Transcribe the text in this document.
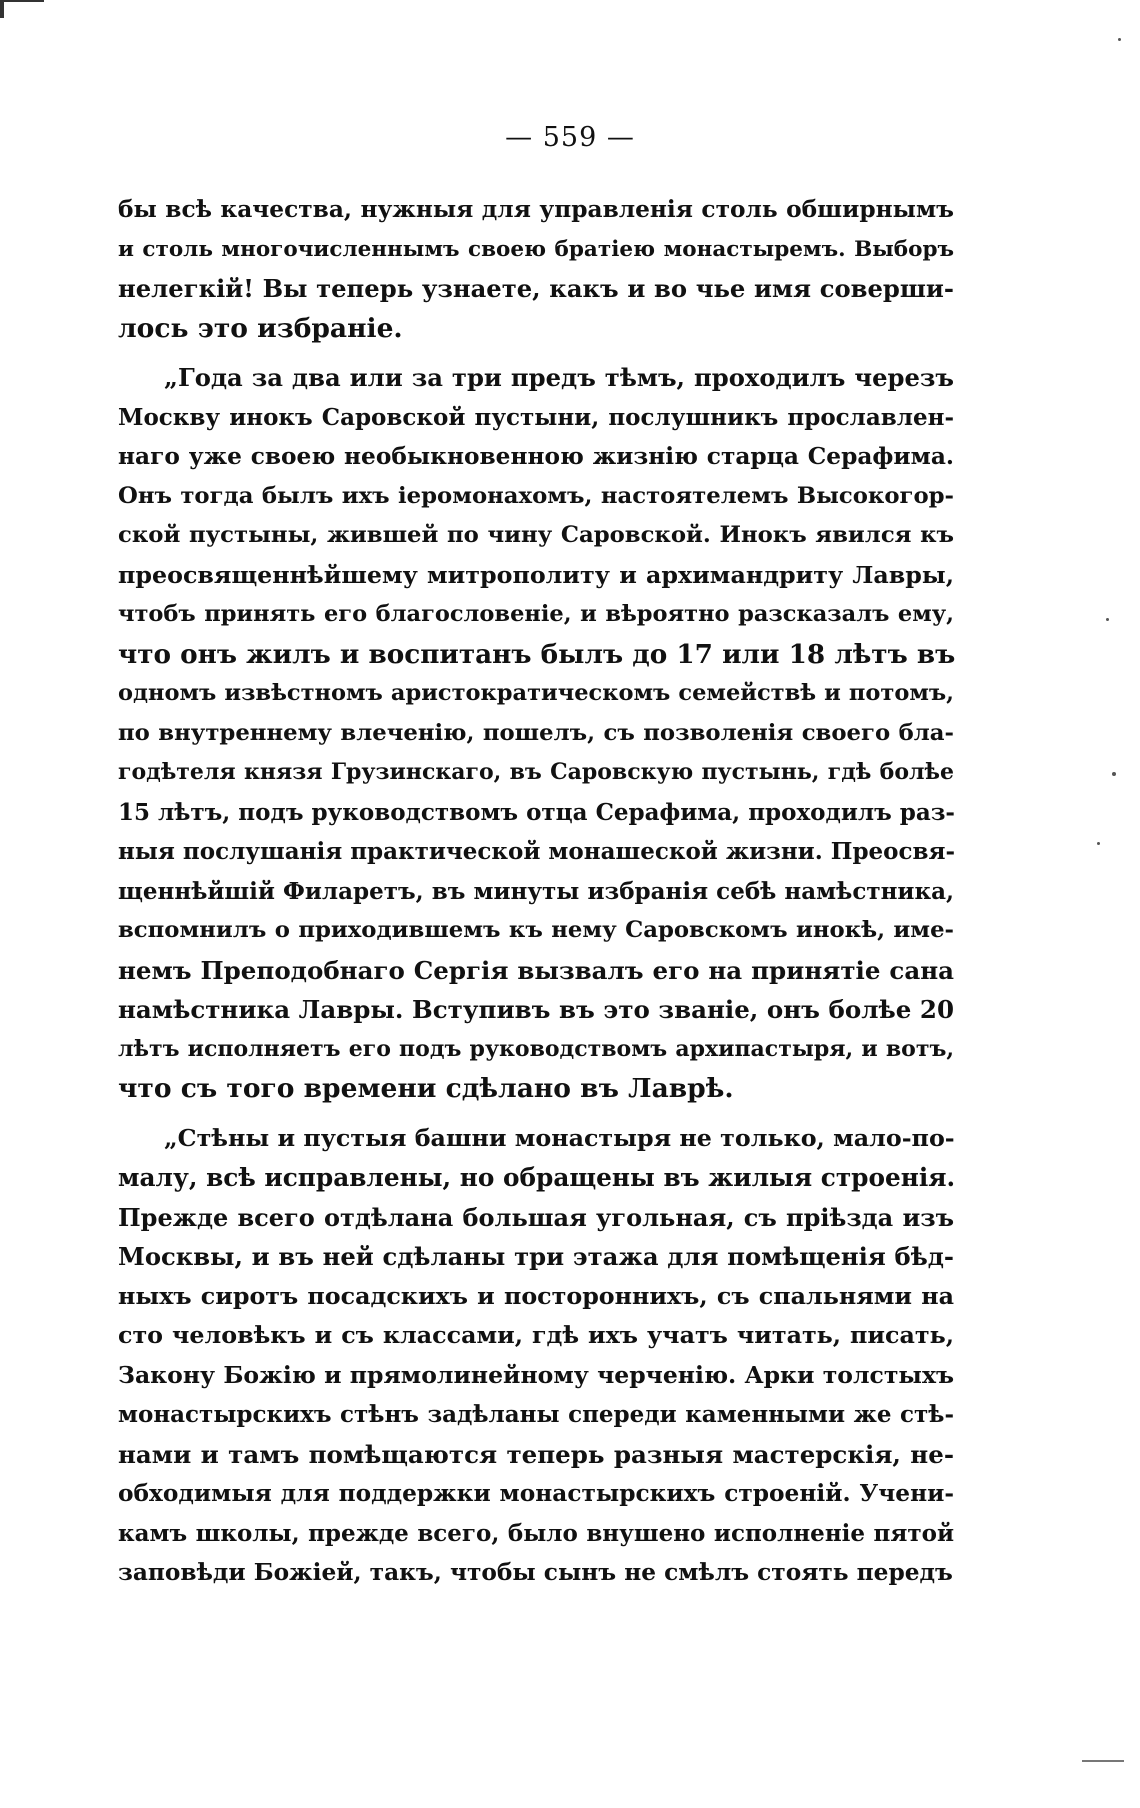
— 559 —
бы всѣ качества, нужныя для управленія столь обширнымъ
и столь многочисленнымъ своею братіею монастыремъ. Выборъ
нелегкій! Вы теперь узнаете, какъ и во чье имя соверши-
лось это избраніе.
„Года за два или за три предъ тѣмъ, проходилъ черезъ
Москву инокъ Саровской пустыни, послушникъ прославлен-
наго уже своею необыкновенною жизнію старца Серафима.
Онъ тогда былъ ихъ іеромонахомъ, настоятелемъ Высокогор-
ской пустыны, жившей по чину Саровской. Инокъ явился къ
преосвященнѣйшему митрополиту и архимандриту Лавры,
чтобъ принять его благословеніе, и вѣроятно разсказалъ ему,
что онъ жилъ и воспитанъ былъ до 17 или 18 лѣтъ въ
одномъ извѣстномъ аристократическомъ семействѣ и потомъ,
по внутреннему влеченію, пошелъ, съ позволенія своего бла-
годѣтеля князя Грузинскаго, въ Саровскую пустынь, гдѣ болѣе
15 лѣтъ, подъ руководствомъ отца Серафима, проходилъ раз-
ныя послушанія практической монашеской жизни. Преосвя-
щеннѣйшій Филаретъ, въ минуты избранія себѣ намѣстника,
вспомнилъ о приходившемъ къ нему Саровскомъ инокѣ, име-
немъ Преподобнаго Сергія вызвалъ его на принятіе сана
намѣстника Лавры. Вступивъ въ это званіе, онъ болѣе 20
лѣтъ исполняетъ его подъ руководствомъ архипастыря, и вотъ,
что съ того времени сдѣлано въ Лаврѣ.
„Стѣны и пустыя башни монастыря не только, мало-по-
малу, всѣ исправлены, но обращены въ жилыя строенія.
Прежде всего отдѣлана большая угольная, съ пріѣзда изъ
Москвы, и въ ней сдѣланы три этажа для помѣщенія бѣд-
ныхъ сиротъ посадскихъ и постороннихъ, съ спальнями на
сто человѣкъ и съ классами, гдѣ ихъ учатъ читать, писать,
Закону Божію и прямолинейному черченію. Арки толстыхъ
монастырскихъ стѣнъ задѣланы спереди каменными же стѣ-
нами и тамъ помѣщаются теперь разныя мастерскія, не-
обходимыя для поддержки монастырскихъ строеній. Учени-
камъ школы, прежде всего, было внушено исполненіе пятой
заповѣди Божіей, такъ, чтобы сынъ не смѣлъ стоять передъ
